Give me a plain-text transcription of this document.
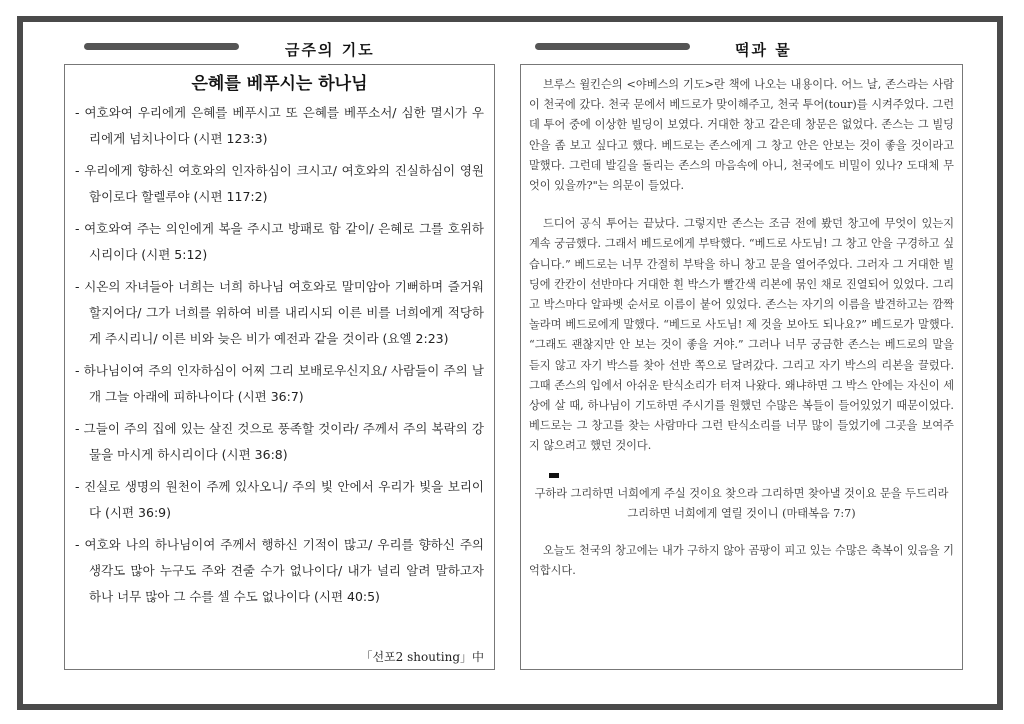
금주의 기도	떡과 물
은혜를 베푸시는 하나님

- 여호와여 우리에게 은혜를 베푸시고 또 은혜를 베푸소서/ 심한 멸시가 우리에게 넘치나이다 (시편 123:3)

- 우리에게 향하신 여호와의 인자하심이 크시고/ 여호와의 진실하심이 영원함이로다 할렐루야 (시편 117:2)

- 여호와여 주는 의인에게 복을 주시고 방패로 함 같이/ 은혜로 그를 호위하시리이다 (시편 5:12)

- 시온의 자녀들아 너희는 너희 하나님 여호와로 말미암아 기뻐하며 즐거워할지어다/ 그가 너희를 위하여 비를 내리시되 이른 비를 너희에게 적당하게 주시리니/ 이른 비와 늦은 비가 예전과 같을 것이라 (요엘 2:23)

- 하나님이여 주의 인자하심이 어찌 그리 보배로우신지요/ 사람들이 주의 날개 그늘 아래에 피하나이다 (시편 36:7)

- 그들이 주의 집에 있는 살진 것으로 풍족할 것이라/ 주께서 주의 복락의 강물을 마시게 하시리이다 (시편 36:8)

- 진실로 생명의 원천이 주께 있사오니/ 주의 빛 안에서 우리가 빛을 보리이다 (시편 36:9)

- 여호와 나의 하나님이여 주께서 행하신 기적이 많고/ 우리를 향하신 주의 생각도 많아 누구도 주와 견줄 수가 없나이다/ 내가 널리 알려 말하고자 하나 너무 많아 그 수를 셀 수도 없나이다 (시편 40:5)

「선포2 shouting」中

브루스 윌킨슨의 <야베스의 기도>란 책에 나오는 내용이다. 어느 날, 존스라는 사람이 천국에 갔다. 천국 문에서 베드로가 맞이해주고, 천국 투어(tour)를 시켜주었다. 그런데 투어 중에 이상한 빌딩이 보였다. 거대한 창고 같은데 창문은 없었다. 존스는 그 빌딩 안을 좀 보고 싶다고 했다. 베드로는 존스에게 그 창고 안은 안보는 것이 좋을 것이라고 말했다. 그런데 발길을 돌리는 존스의 마음속에 아니, 천국에도 비밀이 있나? 도대체 무엇이 있을까?"는 의문이 들었다.

드디어 공식 투어는 끝났다. 그렇지만 존스는 조금 전에 봤던 창고에 무엇이 있는지 계속 궁금했다. 그래서 베드로에게 부탁했다. “베드로 사도님! 그 창고 안을 구경하고 싶습니다.” 베드로는 너무 간절히 부탁을 하니 창고 문을 열어주었다. 그러자 그 거대한 빌딩에 칸칸이 선반마다 거대한 흰 박스가 빨간색 리본에 묶인 채로 진열되어 있었다. 그리고 박스마다 알파벳 순서로 이름이 붙어 있었다. 존스는 자기의 이름을 발견하고는 깜짝 놀라며 베드로에게 말했다. “베드로 사도님! 제 것을 보아도 되나요?” 베드로가 말했다. “그래도 괜찮지만 안 보는 것이 좋을 거야.” 그러나 너무 궁금한 존스는 베드로의 말을 듣지 않고 자기 박스를 찾아 선반 쪽으로 달려갔다. 그리고 자기 박스의 리본을 끌렀다. 그때 존스의 입에서 아쉬운 탄식소리가 터져 나왔다. 왜냐하면 그 박스 안에는 자신이 세상에 살 때, 하나님이 기도하면 주시기를 원했던 수많은 복들이 들어있었기 때문이었다. 베드로는 그 창고를 찾는 사람마다 그런 탄식소리를 너무 많이 들었기에 그곳을 보여주지 않으려고 했던 것이다.

구하라 그리하면 너희에게 주실 것이요 찾으라 그리하면 찾아낼 것이요 문을 두드리라 그리하면 너희에게 열릴 것이니 (마태복음 7:7)

오늘도 천국의 창고에는 내가 구하지 않아 곰팡이 피고 있는 수많은 축복이 있음을 기억합시다.
